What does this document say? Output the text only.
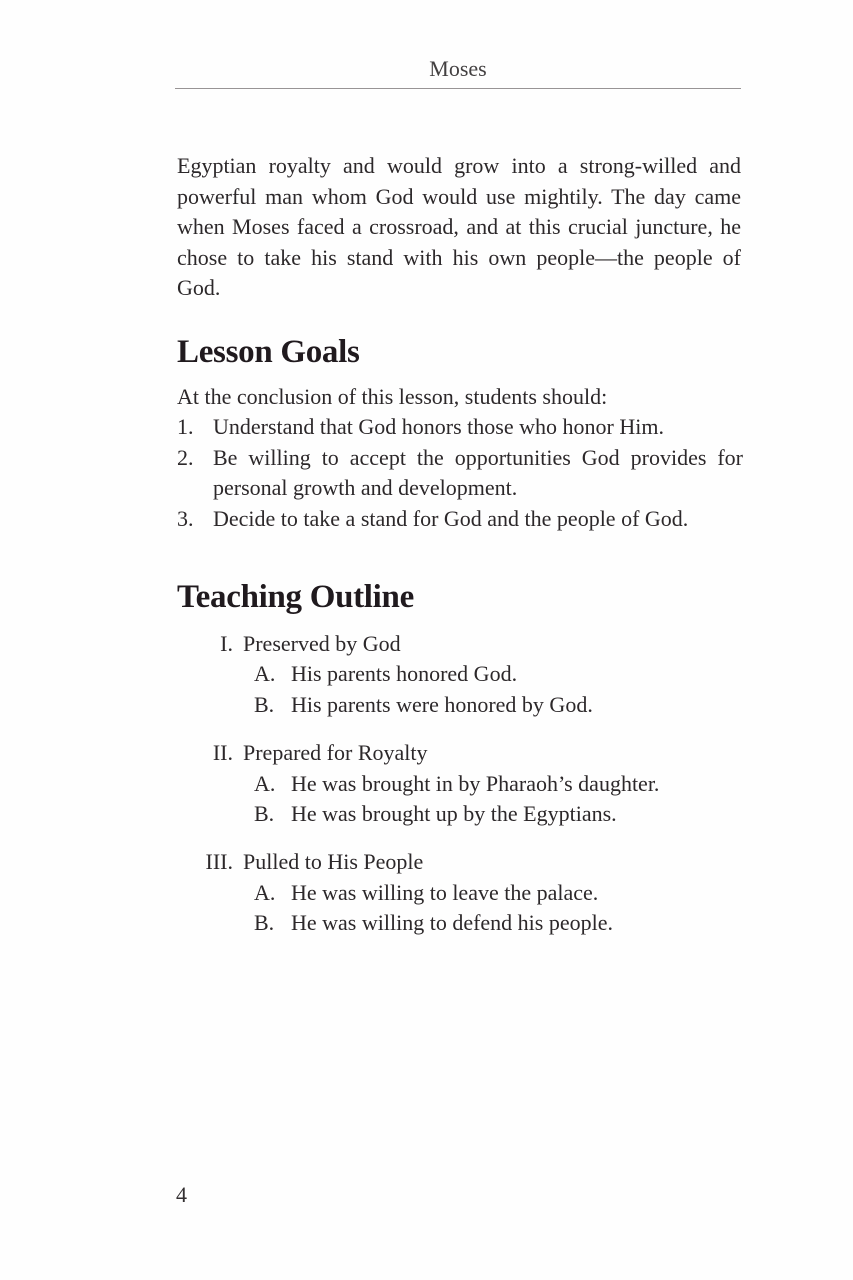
Moses

Egyptian royalty and would grow into a strong-willed and powerful man whom God would use mightily. The day came when Moses faced a crossroad, and at this crucial juncture, he chose to take his stand with his own people—the people of God.

Lesson Goals
At the conclusion of this lesson, students should:
1. Understand that God honors those who honor Him.
2. Be willing to accept the opportunities God provides for personal growth and development.
3. Decide to take a stand for God and the people of God.
Teaching Outline
I. Preserved by God
A. His parents honored God.
B. His parents were honored by God.
II. Prepared for Royalty
A. He was brought in by Pharaoh’s daughter.
B. He was brought up by the Egyptians.
III. Pulled to His People
A. He was willing to leave the palace.
B. He was willing to defend his people.
4
